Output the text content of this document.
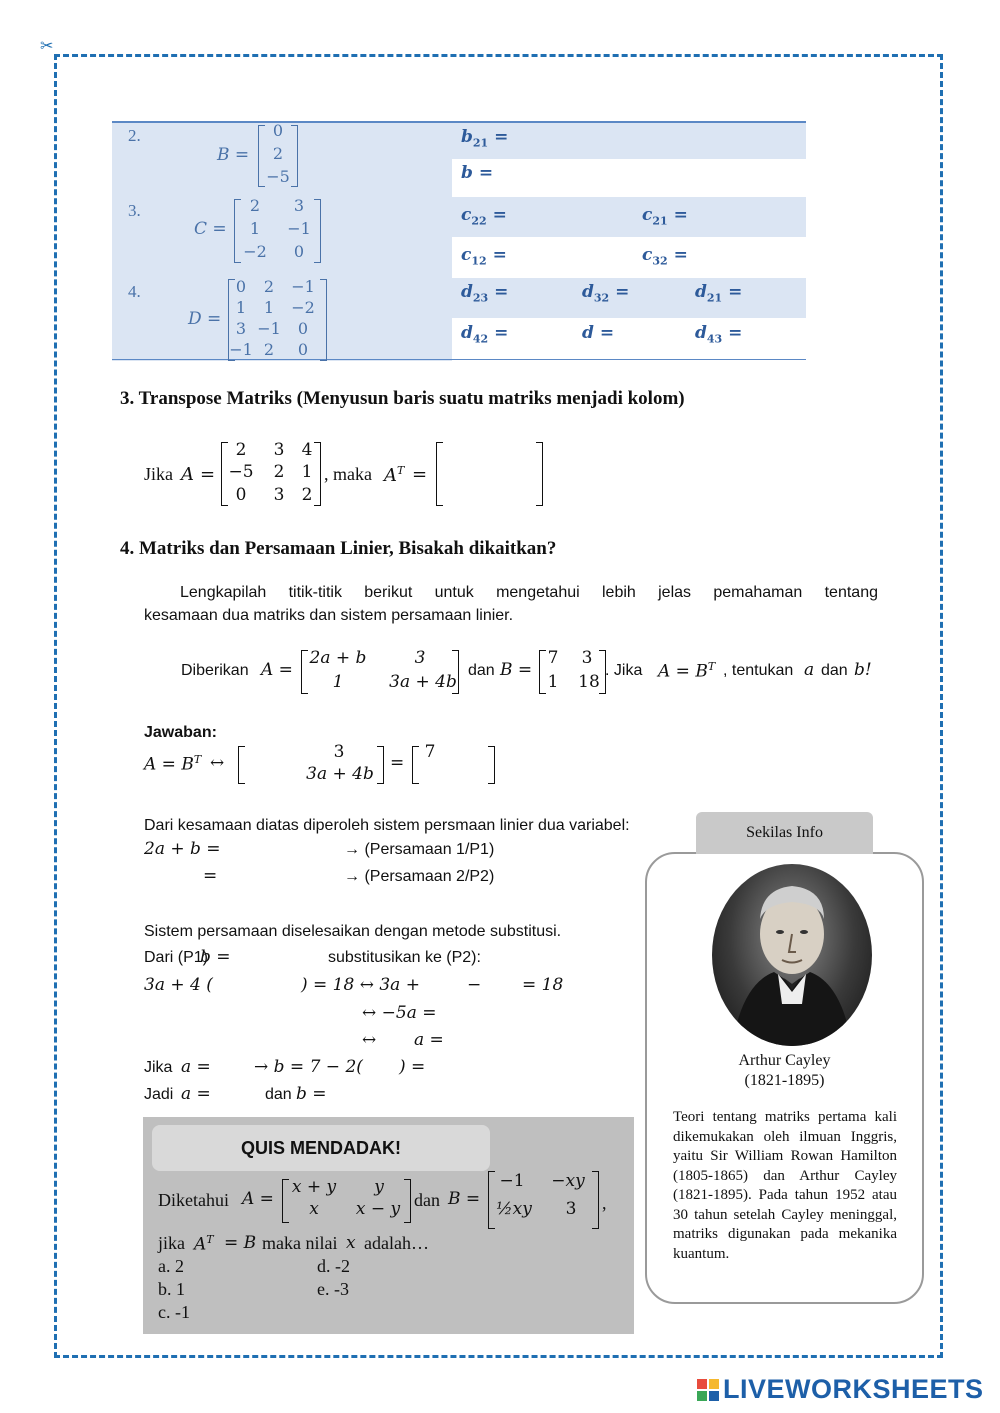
✂
2.
B =
0
2
−5
$b_{21}$ =
b =
3.
C =
2	3
1	−1
−2	0
$c_{22}$ =	$c_{21}$ =
$c_{12}$ =	$c_{32}$ =
4.
D =
0	2	−1
1	1	−2
3 −1	0
−1 2	0
$d_{23}$ =	$d_{32}$ =	$d_{21}$ =
$d_{42}$ =	d =	$d_{43}$ =
3. Transpose Matriks (Menyusun baris suatu matriks menjadi kolom)
Jika A =
2	3	4
−5	2	1
0	3	2
, maka $A^T$ =
4. Matriks dan Persamaan Linier, Bisakah dikaitkan?
Lengkapilah titik-titik berikut untuk mengetahui lebih jelas pemahaman tentang
kesamaan dua matriks dan sistem persamaan linier.
Diberikan A =
2a + b	3
1	3a + 4b
dan B =
7	3
1	18
. Jika $A = B^T$ , tentukan a dan b!
Jawaban:
$A = B^T$ ↔
3
3a + 4b
=
7
Dari kesamaan diatas diperoleh sistem persmaan linier dua variabel:
2a + b =	→ (Persamaan 1/P1)
=	→ (Persamaan 2/P2)
Sistem persamaan diselesaikan dengan metode substitusi.
Dari (P1)
b =	substitusikan ke (P2):
3a + 4 (	) = 18 ↔ 3a +	− = 18
↔ −5a =
↔ a =
Jika a =	→ b = 7 − 2( ) =
Jadi a =	dan b =
QUIS MENDADAK!
Diketahui A =
x + y	y
x	x − y dan B =
−1	−xy
½xy	3	,
jika $A^T = B$ maka nilai x adalah…
a. 2
b. 1
c. -1
d. -2
e. -3
Sekilas Info
Arthur Cayley
(1821-1895)
Teori tentang matriks pertama kali dikemukakan oleh ilmuan Inggris, yaitu Sir William Rowan Hamilton (1805-1865) dan Arthur Cayley (1821-1895). Pada tahun 1952 atau 30 tahun setelah Cayley meninggal, matriks digunakan pada mekanika kuantum.
LIVEWORKSHEETS
